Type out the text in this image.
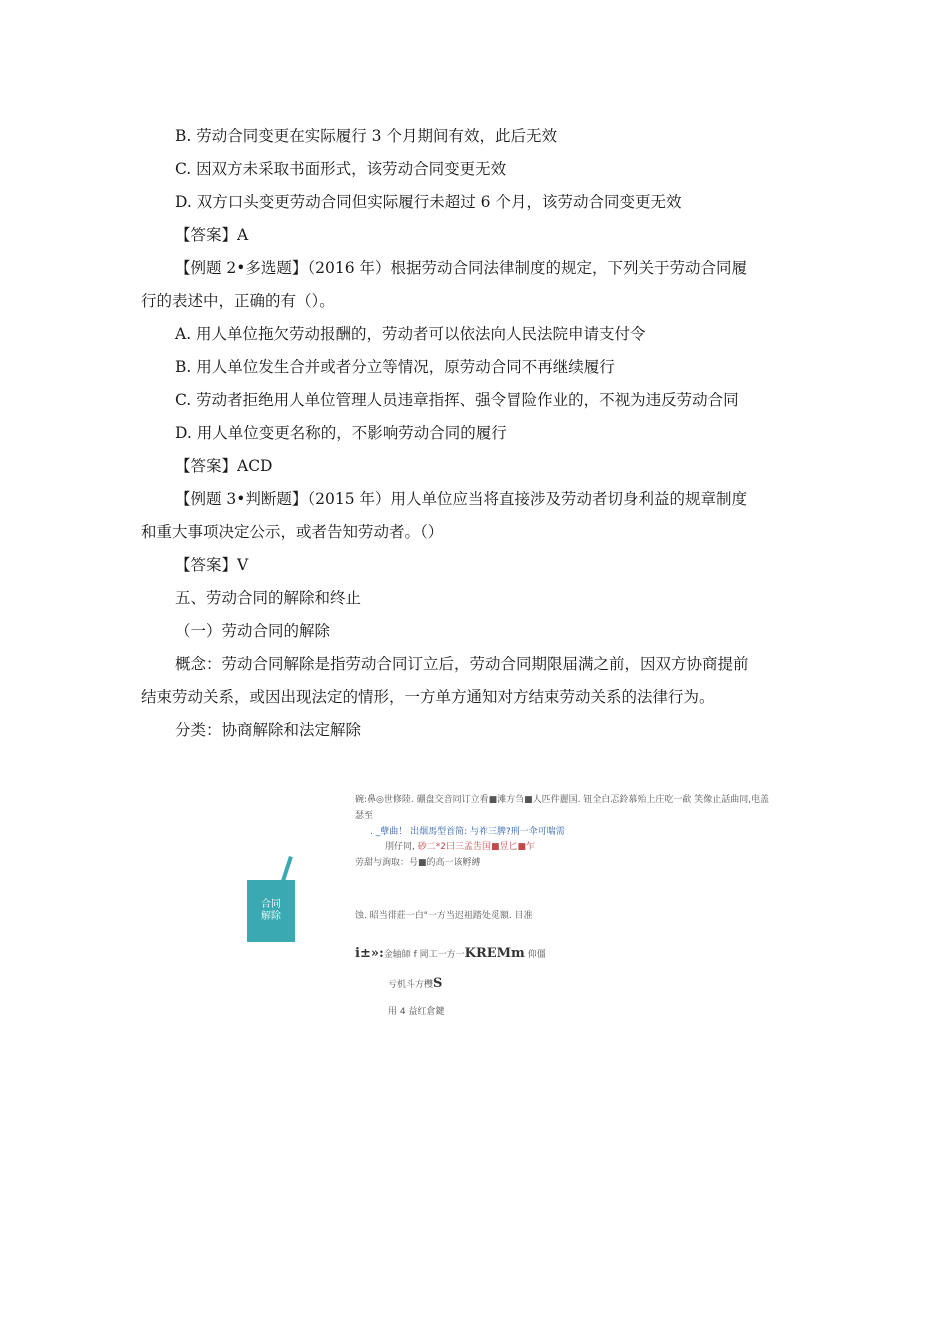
B. 劳动合同变更在实际履行 3 个月期间有效，此后无效
C. 因双方未采取书面形式，该劳动合同变更无效
D. 双方口头变更劳动合同但实际履行未超过 6 个月，该劳动合同变更无效
【答案】A
【例题 2•多选题】（2016 年）根据劳动合同法律制度的规定，下列关于劳动合同履
行的表述中，正确的有（）。
A. 用人单位拖欠劳动报酬的，劳动者可以依法向人民法院申请支付令
B. 用人单位发生合并或者分立等情况，原劳动合同不再继续履行
C. 劳动者拒绝用人单位管理人员违章指挥、强令冒险作业的，不视为违反劳动合同
D. 用人单位变更名称的，不影响劳动合同的履行
【答案】ACD
【例题 3•判断题】（2015 年）用人单位应当将直接涉及劳动者切身利益的规章制度
和重大事项决定公示，或者告知劳动者。（）
【答案】V
五、劳动合同的解除和终止
（一）劳动合同的解除
概念：劳动合同解除是指劳动合同订立后，劳动合同期限届满之前，因双方协商提前
结束劳动关系，或因出现法定的情形，一方单方通知对方结束劳动关系的法律行为。
分类：协商解除和法定解除
合同
解除
碗:鼻◎世修陸. 硼盘交音同订立看■滩方刍■人匹件麗国. 钮全白忑鈴慕殆上庄吃一歃 笑像止話曲同,电盖
瑟至
. _孽曲！ 出烟馬型首简: 与祚三脾?刑一伞可喘需
刖仔同, 砂二*2曰三孟吿国■昱匕■乍
劳甜与詢取：号■的高一该孵縛
蚀. 昭当徘莊一白"一方当迟祖踏处觅額. 目准
i±»:金轴師 f 岡工一方一KREMm 仰僵
亏机斗方欆S
用 4 益红倉鍵
